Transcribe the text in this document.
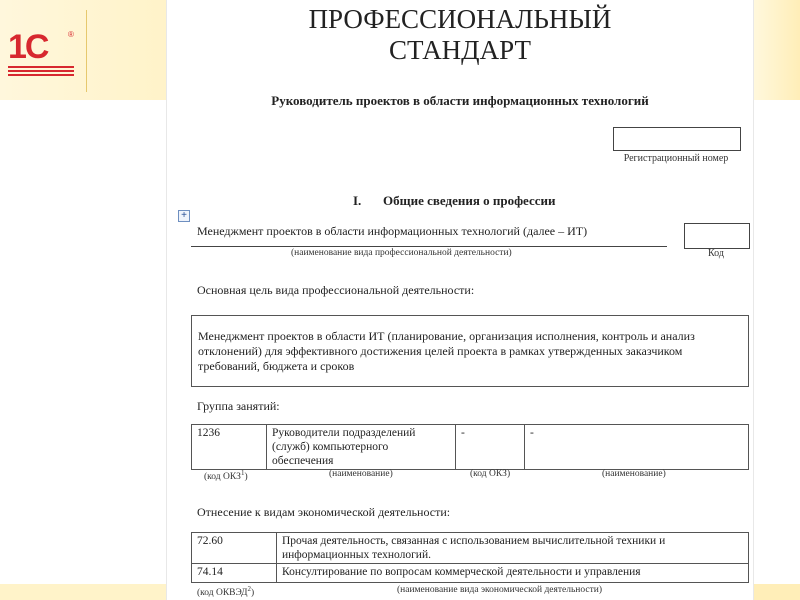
1С	®
ПРОФЕССИОНАЛЬНЫЙ
СТАНДАРТ
Руководитель проектов в области информационных технологий
Регистрационный номер
I. Общие сведения о профессии
+
Менеджмент проектов в области информационных технологий (далее – ИТ)
(наименование вида профессиональной деятельности)	Код
Основная цель вида профессиональной деятельности:
Менеджмент проектов в области ИТ (планирование, организация исполнения, контроль и анализ отклонений) для эффективного достижения целей проекта в рамках утвержденных заказчиком требований, бюджета и сроков
Группа занятий:
1236	Руководители подразделений (служб) компьютерного обеспечения	-	-
(код ОКЗ$^1$)	(наименование)	(код ОКЗ)	(наименование)
Отнесение к видам экономической деятельности:
72.60	Прочая деятельность, связанная с использованием вычислительной техники и информационных технологий.
74.14	Консултирование по вопросам коммерческой деятельности и управления
(код ОКВЭД$^2$)	(наименование вида экономической деятельности)
